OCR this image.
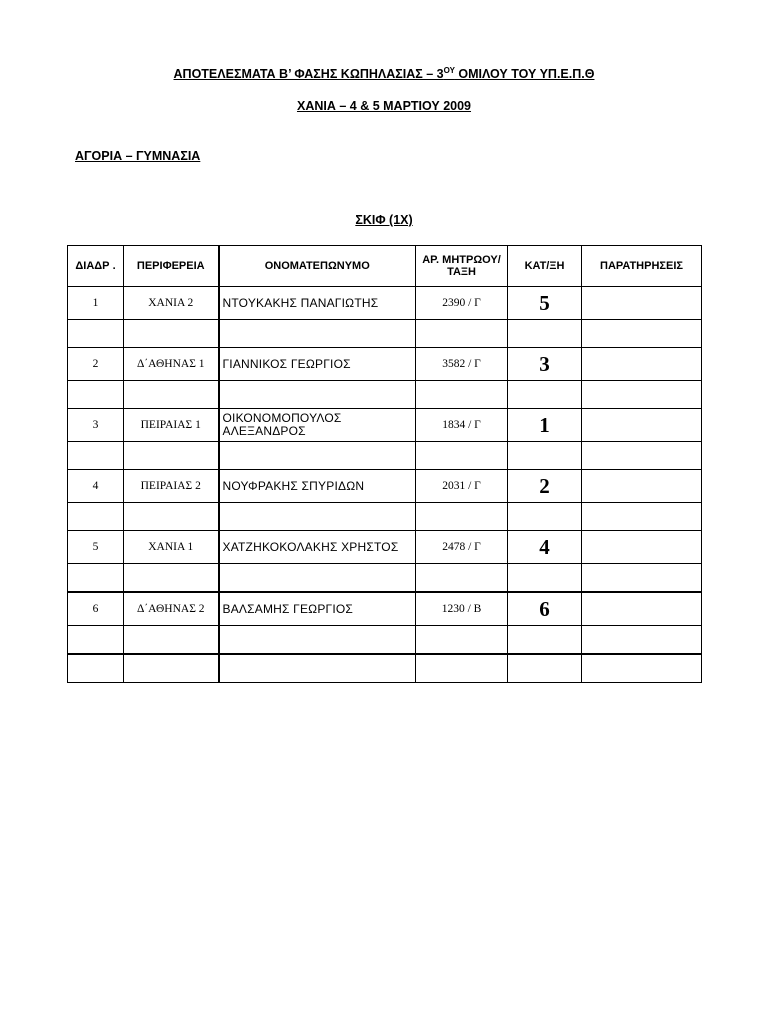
ΑΠΟΤΕΛΕΣΜΑΤΑ Β’ ΦΑΣΗΣ ΚΩΠΗΛΑΣΙΑΣ – $3^{O\Upsilon}$ ΟΜΙΛΟΥ ΤΟΥ ΥΠ.Ε.Π.Θ
ΧΑΝΙΑ – 4 & 5 ΜΑΡΤΙΟΥ 2009
ΑΓΟΡΙΑ – ΓΥΜΝΑΣΙΑ
ΣΚΙΦ (1Χ)
ΔΙΑΔΡ .	ΠΕΡΙΦΕΡΕΙΑ	ΟΝΟΜΑΤΕΠΩΝΥΜΟ	ΑΡ. ΜΗΤΡΩΟΥ/ ΤΑΞΗ	ΚΑΤ/ΞΗ	ΠΑΡΑΤΗΡΗΣΕΙΣ
1	ΧΑΝΙΑ 2	ΝΤΟΥΚΑΚΗΣ ΠΑΝΑΓΙΩΤΗΣ	2390 / Γ	5	

2	Δ΄ΑΘΗΝΑΣ 1	ΓΙΑΝΝΙΚΟΣ ΓΕΩΡΓΙΟΣ	3582 / Γ	3	

3	ΠΕΙΡΑΙΑΣ 1	ΟΙΚΟΝΟΜΟΠΟΥΛΟΣ ΑΛΕΞΑΝΔΡΟΣ	1834 / Γ	1	

4	ΠΕΙΡΑΙΑΣ 2	ΝΟΥΦΡΑΚΗΣ ΣΠΥΡΙΔΩΝ	2031 / Γ	2	

5	ΧΑΝΙΑ 1	ΧΑΤΖΗΚΟΚΟΛΑΚΗΣ ΧΡΗΣΤΟΣ	2478 / Γ	4	

6	Δ΄ΑΘΗΝΑΣ 2	ΒΑΛΣΑΜΗΣ ΓΕΩΡΓΙΟΣ	1230 / Β	6	
